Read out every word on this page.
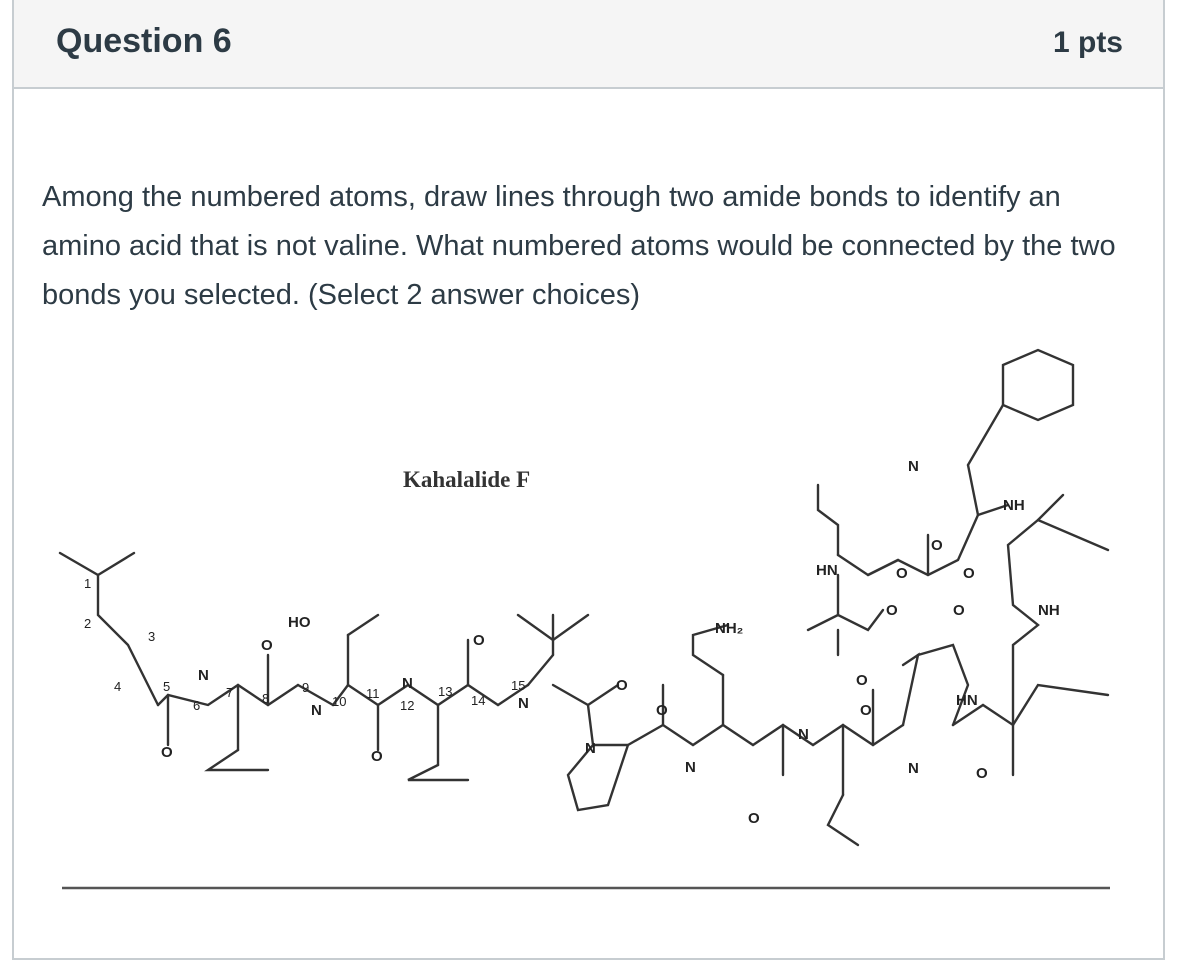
Question 6	1 pts
Among the numbered atoms, draw lines through two amide bonds to identify an amino acid that is not valine. What numbered atoms would be connected by the two bonds you selected. (Select 2 answer choices)
Kahalalide F
1
2
3
4	5
6
7 8
9
10
11
12
13
14
15
HO	NH₂
HN
HN
NH
NH
N
O
O
O
O
O
O
O
O
O
O
O
O
O	O
O
N
N
N
N
N
N
N
N
